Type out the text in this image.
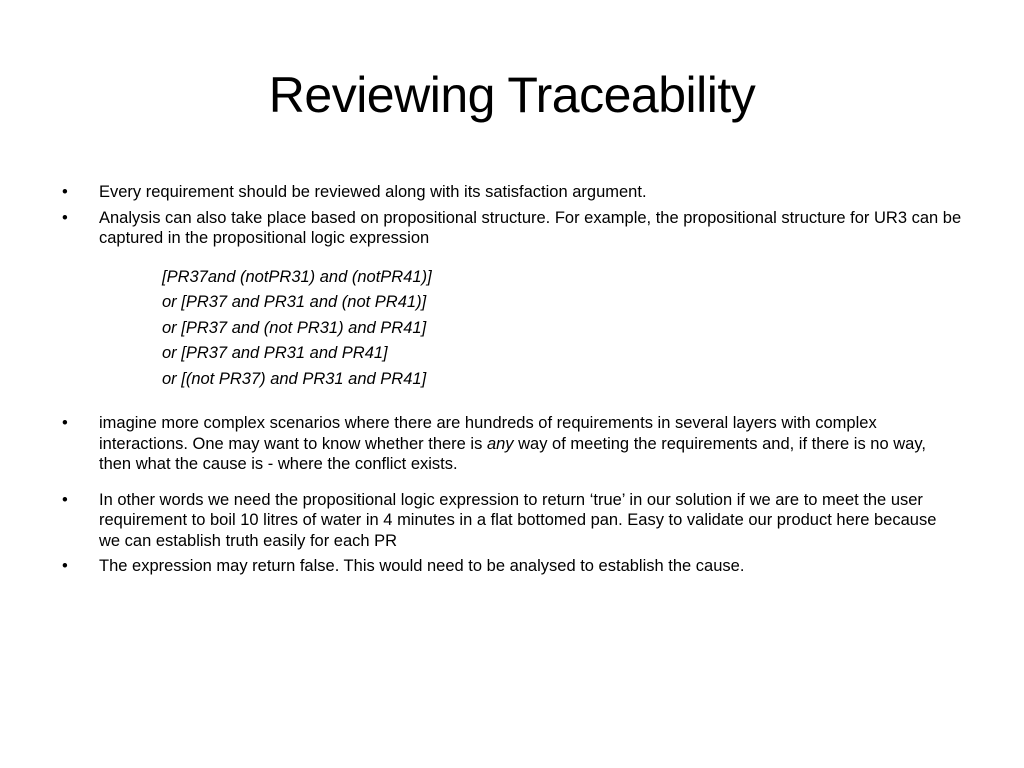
Reviewing Traceability
• Every requirement should be reviewed along with its satisfaction argument.
• Analysis can also take place based on propositional structure. For example, the propositional structure for UR3 can be captured in the propositional logic expression
[PR37and (notPR31) and (notPR41)]
or [PR37 and PR31 and (not PR41)]
or [PR37 and (not PR31) and PR41]
or [PR37 and PR31 and PR41]
or [(not PR37) and PR31 and PR41]
• imagine more complex scenarios where there are hundreds of requirements in several layers with complex interactions. One may want to know whether there is any way of meeting the requirements and, if there is no way, then what the cause is - where the conflict exists.
• In other words we need the propositional logic expression to return ‘true’ in our solution if we are to meet the user requirement to boil 10 litres of water in 4 minutes in a flat bottomed pan. Easy to validate our product here because we can establish truth easily for each PR
• The expression may return false. This would need to be analysed to establish the cause.
